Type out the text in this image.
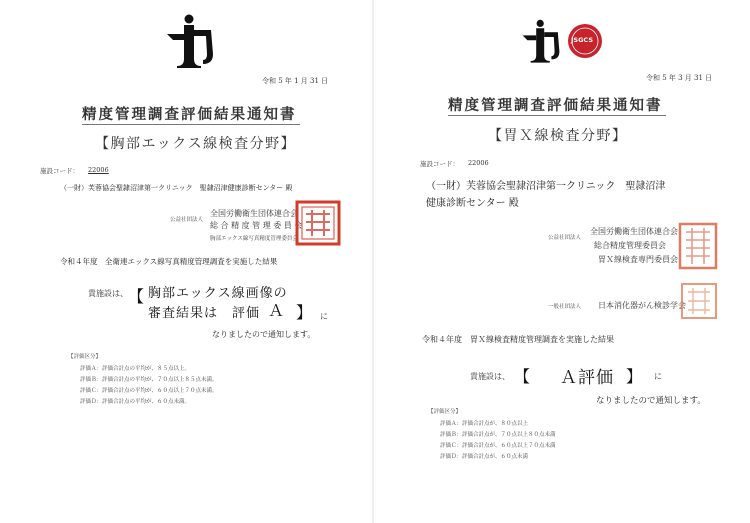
令和 5 年 1 月 31 日
精度管理調査評価結果通知書
【胸部エックス線検査分野】
施設コード： 22006
（一財）芙蓉協会聖隷沼津第一クリニック　聖隷沼津健康診断センター 殿
公益社団法人
全国労働衛生団体連合会
総 合 精 度 管 理 委 員 会
胸部エックス線写真精度管理委員会
令和４年度　全衛連エックス線写真精度管理調査を実施した結果
貴施設は、 【 胸部エックス線画像の
審査結果は　評価 Ａ 】 に
なりましたので通知します。
【評価区分】
評価Ａ：評価合計点の平均が、８５点以上。
評価Ｂ：評価合計点の平均が、７０点以上８５点未満。
評価Ｃ：評価合計点の平均が、６０点以上７０点未満。
評価Ｄ：評価合計点の平均が、６０点未満。
JSGCS
令和 5 年 3 月 31 日
精度管理調査評価結果通知書
【胃Ｘ線検査分野】
施設コード： 22006
（一財）芙蓉協会聖隷沼津第一クリニック　聖隷沼津
健康診断センター 殿
公益社団法人
全国労働衛生団体連合会
総合精度管理委員会
胃Ｘ線検査専門委員会
一般社団法人 日本消化器がん検診学会
令和４年度　胃Ｘ線検査精度管理調査を実施した結果
貴施設は、 【 Ａ評価 】 に
なりましたので通知します。
【評価区分】
評価Ａ：評価合計点が、８０点以上
評価Ｂ：評価合計点が、７０点以上８０点未満
評価Ｃ：評価合計点が、６０点以上７０点未満
評価Ｄ：評価合計点が、６０点未満
